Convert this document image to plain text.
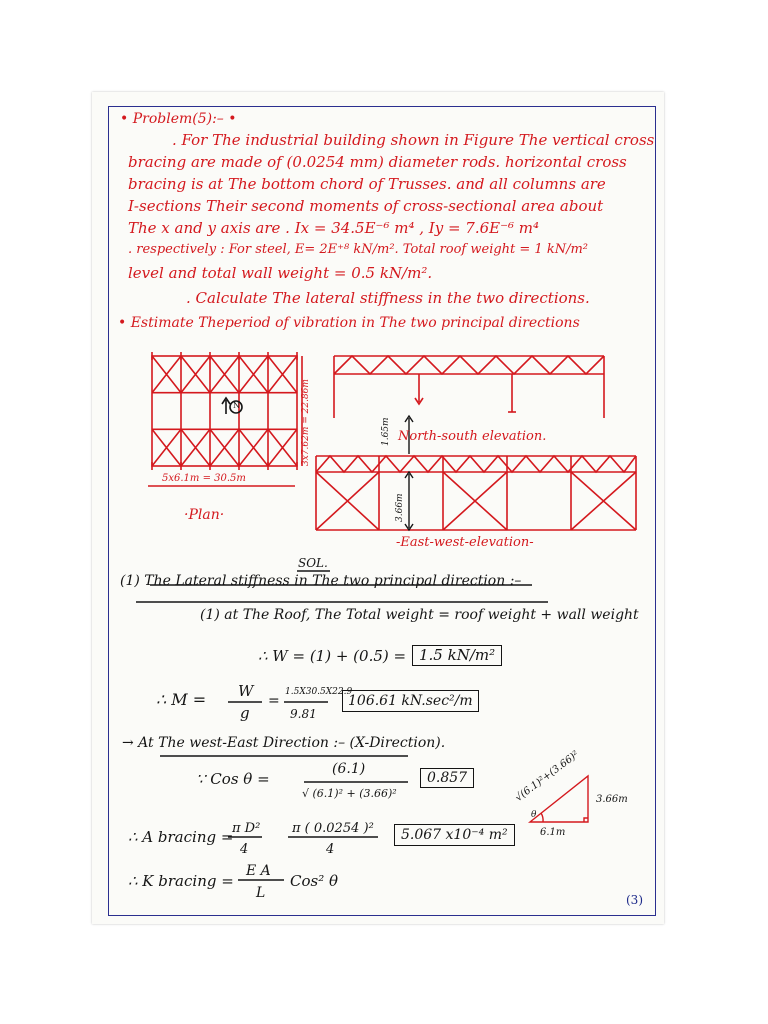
• Problem(5):– •
. For The industrial building shown in Figure The vertical cross
bracing are made of (0.0254 mm) diameter rods. horizontal cross
bracing is at The bottom chord of Trusses. and all columns are
I-sections Their second moments of cross-sectional area about
The x and y axis are . Ix = 34.5E⁻⁶ m⁴ , Iy = 7.6E⁻⁶ m⁴
. respectively : For steel, E= 2E⁺⁸ kN/m². Total roof weight = 1 kN/m²
level and total wall weight = 0.5 kN/m².
. Calculate The lateral stiffness in the two directions.
• Estimate Theperiod of vibration in The two principal directions
3x7.62m = 22.86m
5x6.1m = 30.5m
N
·Plan·
1.65m North-south elevation.
3.66m
-East-west-elevation-
SOL.
(1) The Lateral stiffness in The two principal direction :–
(1) at The Roof, The Total weight = roof weight + wall weight
∴ W = (1) + (0.5) = 1.5 kN/m²
∴ M = W
g
=
1.5X30.5X22.9
9.81
106.61 kN.sec²/m
→ At The west-East Direction :– (X-Direction).
∵ Cos θ =
(6.1)
√ (6.1)² + (3.66)²
0.857	√(6.1)²+(3.66)² 3.66m
6.1m
θ
∴ A bracing =
π D²
4
π ( 0.0254 )²
4
5.067 x10⁻⁴ m²
∴ K bracing =
E A
L
Cos² θ
(3)
